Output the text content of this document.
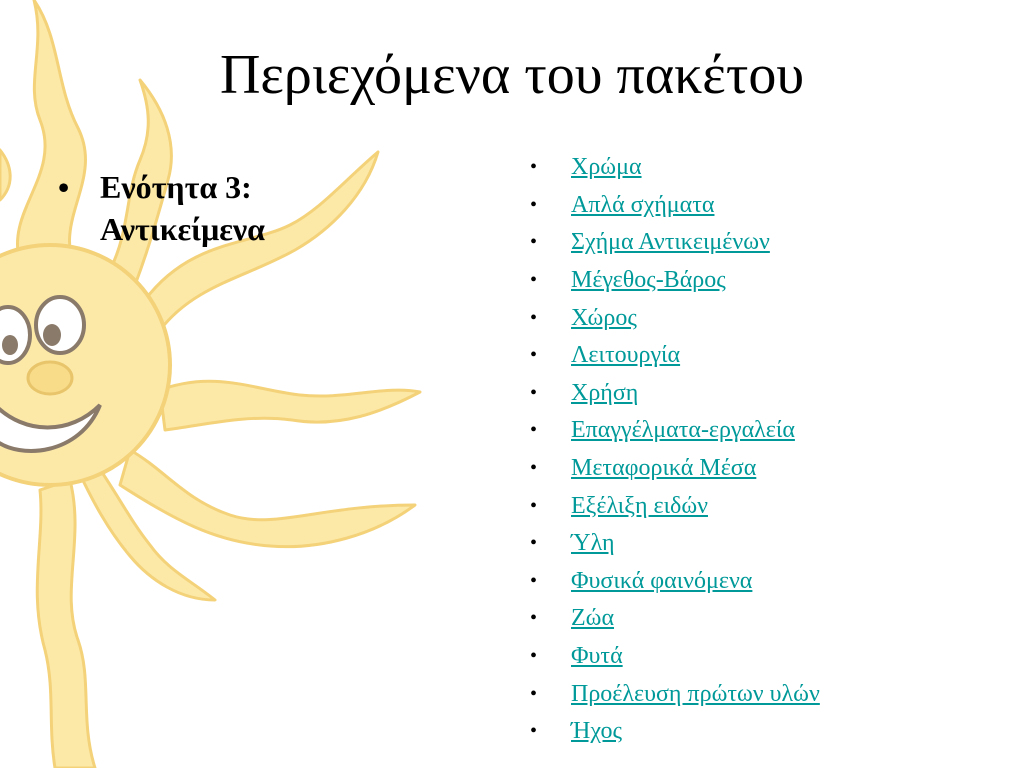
Περιεχόμενα του πακέτου
• Ενότητα 3: Αντικείμενα
•	Χρώμα
•	Απλά σχήματα
•	Σχήμα Αντικειμένων
•	Μέγεθος-Βάρος
•	Χώρος
•	Λειτουργία
•	Χρήση
•	Επαγγέλματα-εργαλεία
•	Μεταφορικά Μέσα
•	Εξέλιξη ειδών
•	Ύλη
•	Φυσικά φαινόμενα
•	Ζώα
•	Φυτά
•	Προέλευση πρώτων υλών
•	Ήχος
